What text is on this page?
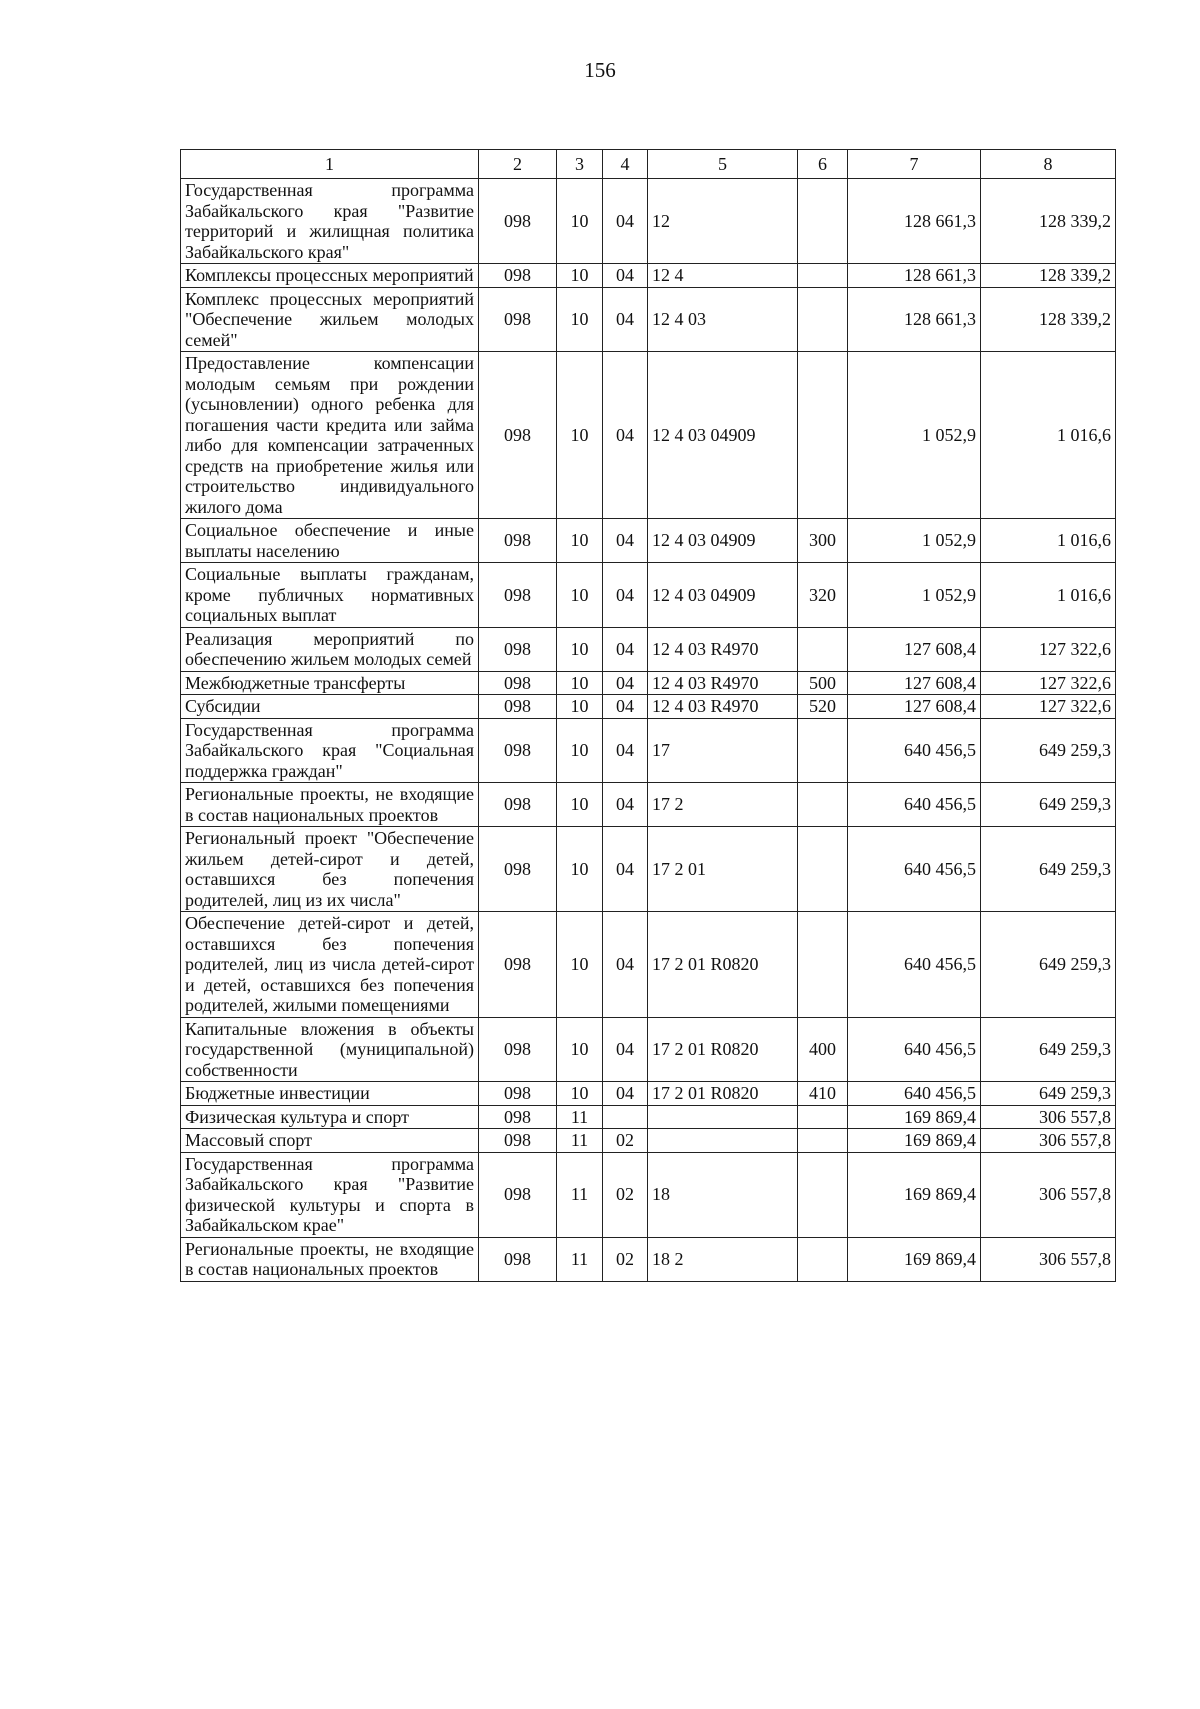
156
1	2	3	4	5	6	7	8
Государственная программа Забайкальского края "Развитие территорий и жилищная политика Забайкальского края"	098	10	04	12		128 661,3	128 339,2
Комплексы процессных мероприятий	098	10	04	12 4		128 661,3	128 339,2
Комплекс процессных мероприятий "Обеспечение жильем молодых семей"	098	10	04	12 4 03		128 661,3	128 339,2
Предоставление компенсации молодым семьям при рождении (усыновлении) одного ребенка для погашения части кредита или займа либо для компенсации затраченных средств на приобретение жилья или строительство индивидуального жилого дома	098	10	04	12 4 03 04909		1 052,9	1 016,6
Социальное обеспечение и иные выплаты населению	098	10	04	12 4 03 04909	300	1 052,9	1 016,6
Социальные выплаты гражданам, кроме публичных нормативных социальных выплат	098	10	04	12 4 03 04909	320	1 052,9	1 016,6
Реализация мероприятий по обеспечению жильем молодых семей	098	10	04	12 4 03 R4970		127 608,4	127 322,6
Межбюджетные трансферты	098	10	04	12 4 03 R4970	500	127 608,4	127 322,6
Субсидии	098	10	04	12 4 03 R4970	520	127 608,4	127 322,6
Государственная программа Забайкальского края "Социальная поддержка граждан"	098	10	04	17		640 456,5	649 259,3
Региональные проекты, не входящие в состав национальных проектов	098	10	04	17 2		640 456,5	649 259,3
Региональный проект "Обеспечение жильем детей-сирот и детей, оставшихся без попечения родителей, лиц из их числа"	098	10	04	17 2 01		640 456,5	649 259,3
Обеспечение детей-сирот и детей, оставшихся без попечения родителей, лиц из числа детей-сирот и детей, оставшихся без попечения родителей, жилыми помещениями	098	10	04	17 2 01 R0820		640 456,5	649 259,3
Капитальные вложения в объекты государственной (муниципальной) собственности	098	10	04	17 2 01 R0820	400	640 456,5	649 259,3
Бюджетные инвестиции	098	10	04	17 2 01 R0820	410	640 456,5	649 259,3
Физическая культура и спорт	098	11				169 869,4	306 557,8
Массовый спорт	098	11	02			169 869,4	306 557,8
Государственная программа Забайкальского края "Развитие физической культуры и спорта в Забайкальском крае"	098	11	02	18		169 869,4	306 557,8
Региональные проекты, не входящие в состав национальных проектов	098	11	02	18 2		169 869,4	306 557,8
